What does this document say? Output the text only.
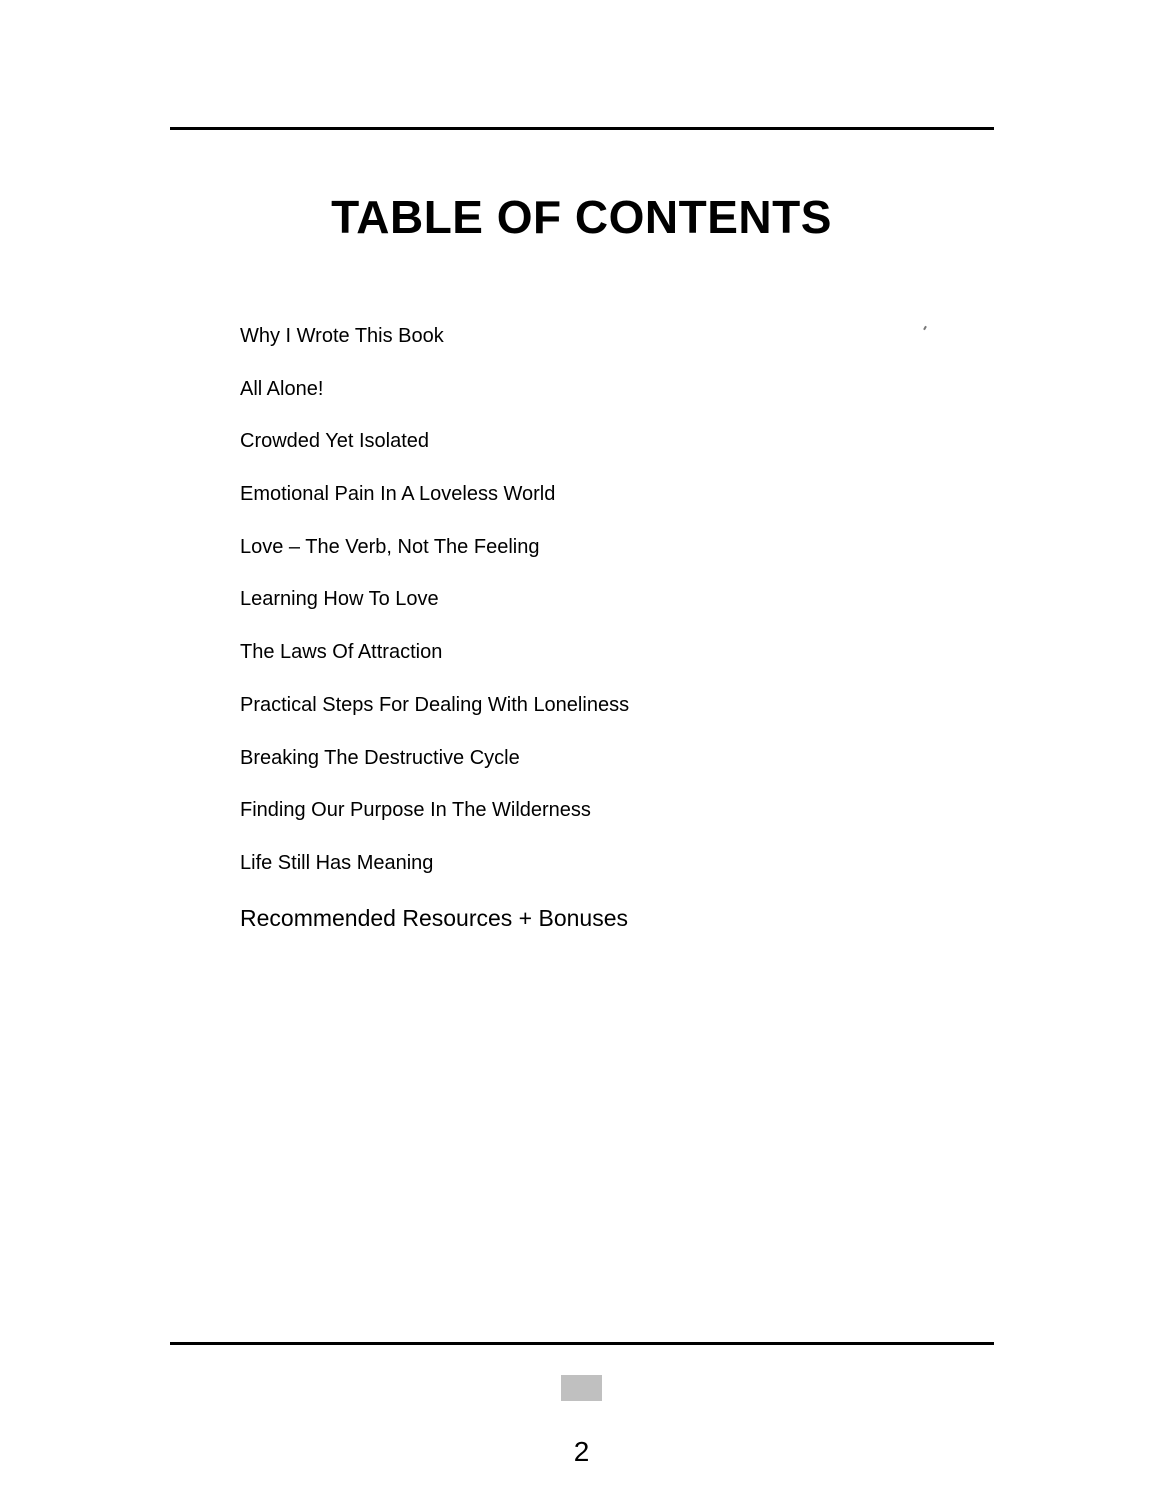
TABLE OF CONTENTS
Why I Wrote This Book
All Alone!
Crowded Yet Isolated
Emotional Pain In A Loveless World
Love – The Verb, Not The Feeling
Learning How To Love
The Laws Of Attraction
Practical Steps For Dealing With Loneliness
Breaking The Destructive Cycle
Finding Our Purpose In The Wilderness
Life Still Has Meaning
Recommended Resources + Bonuses
2
